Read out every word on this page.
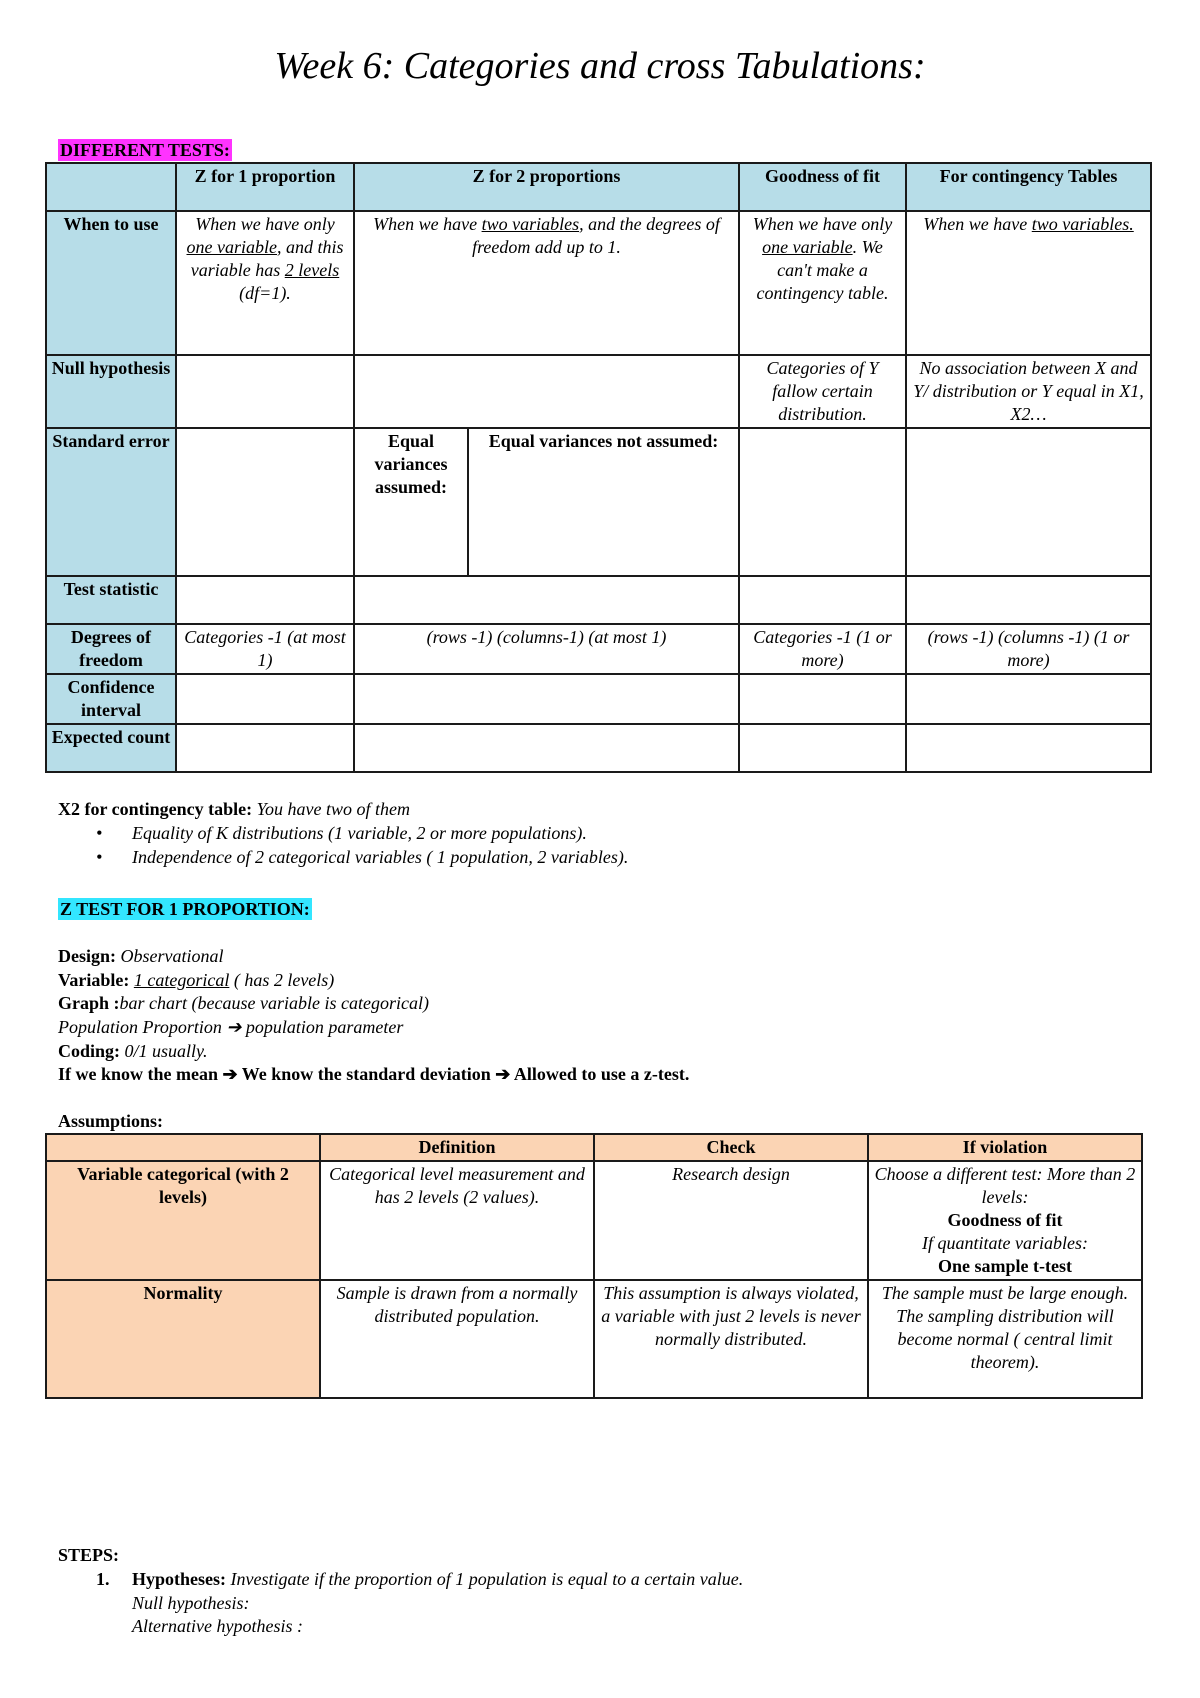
Week 6: Categories and cross Tabulations:
DIFFERENT TESTS:
	Z for 1 proportion	Z for 2 proportions		Goodness of fit	For contingency Tables
When to use	When we have only one variable, and this variable has 2 levels (df=1).	When we have two variables, and the degrees of freedom add up to 1.		When we have only one variable. We can't make a contingency table.	When we have two variables.
Null hypothesis				Categories of Y fallow certain distribution.	No association between X and Y/ distribution or Y equal in X1, X2…
Standard error		Equal variances assumed:	Equal variances not assumed:		
Test statistic					
Degrees of freedom	Categories -1 (at most 1)	(rows -1) (columns-1) (at most 1)		Categories -1 (1 or more)	(rows -1) (columns -1) (1 or more)
Confidence interval					
Expected count					
X2 for contingency table: You have two of them
• Equality of K distributions (1 variable, 2 or more populations).
• Independence of 2 categorical variables ( 1 population, 2 variables).
Z TEST FOR 1 PROPORTION:
Design: Observational
Variable: 1 categorical ( has 2 levels)
Graph :bar chart (because variable is categorical)
Population Proportion ➔ population parameter
Coding: 0/1 usually.
If we know the mean ➔ We know the standard deviation ➔ Allowed to use a z-test.
Assumptions:
	Definition	Check	If violation
Variable categorical (with 2 levels)	Categorical level measurement and has 2 levels (2 values).	Research design	Choose a different test: More than 2 levels:
Goodness of fit
If quantitate variables:
One sample t-test
Normality	Sample is drawn from a normally distributed population.	This assumption is always violated, a variable with just 2 levels is never normally distributed.	The sample must be large enough. The sampling distribution will become normal ( central limit theorem).
STEPS:
1. Hypotheses: Investigate if the proportion of 1 population is equal to a certain value.
Null hypothesis:
Alternative hypothesis :
